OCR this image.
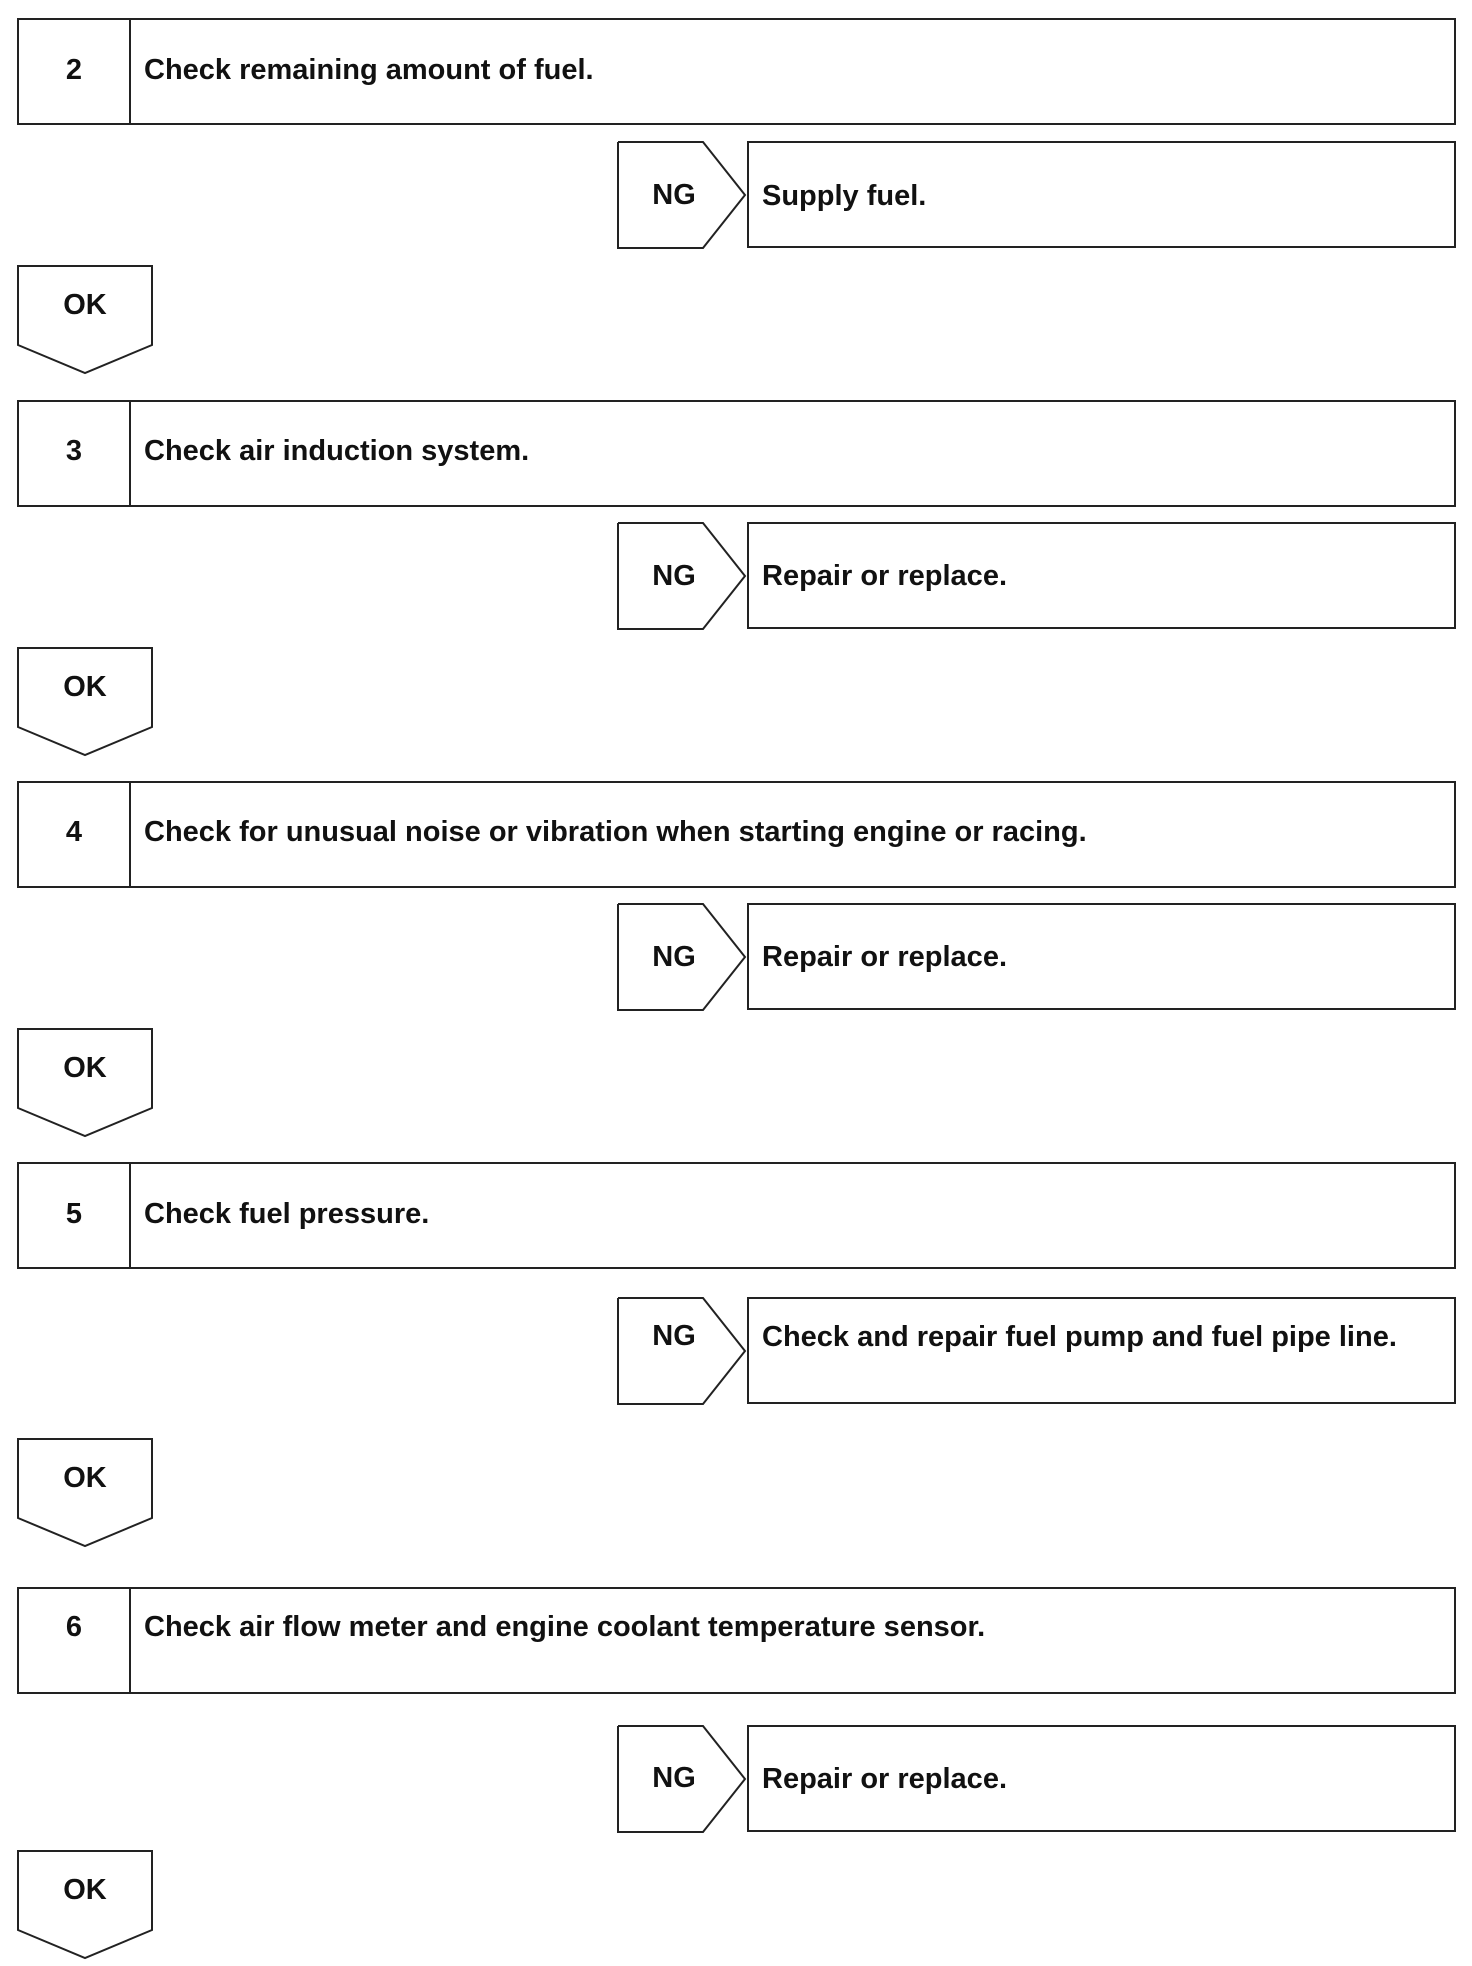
2	Check remaining amount of fuel.
NG	Supply fuel.
OK
3	Check air induction system.
NG	Repair or replace.
OK
4	Check for unusual noise or vibration when starting engine or racing.
NG	Repair or replace.
OK
5	Check fuel pressure.
NG	Check and repair fuel pump and fuel pipe line.
OK
6	Check air flow meter and engine coolant temperature sensor.
NG	Repair or replace.
OK
